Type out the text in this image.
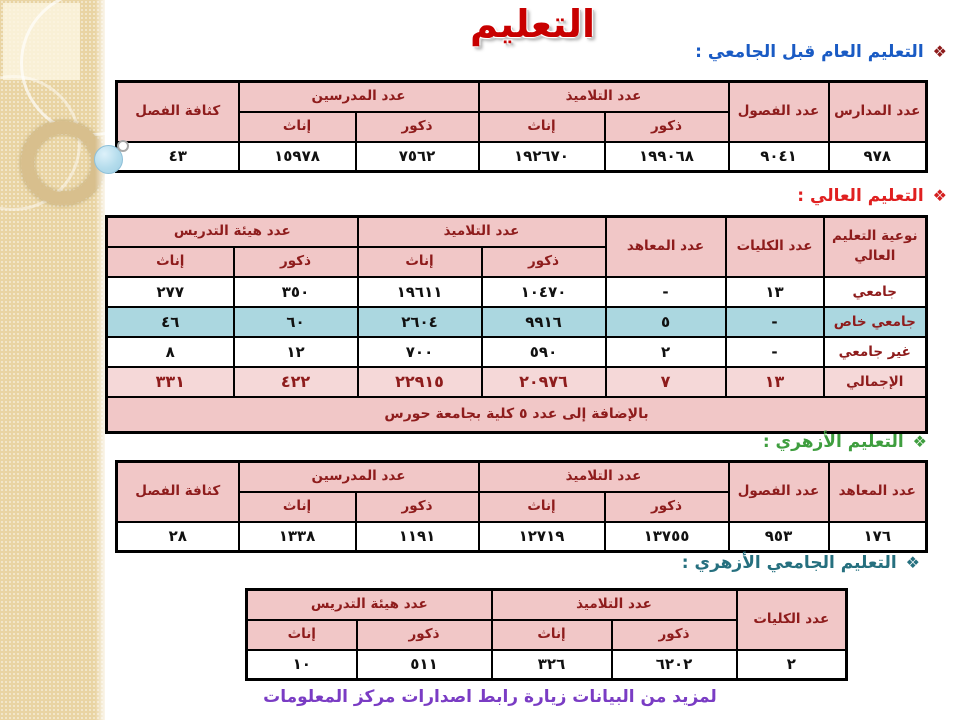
التعليم
❖التعليم العام قبل الجامعي :
عدد المدارس	عدد الفصول	عدد التلاميذ		عدد المدرسين		كثافة الفصل
		ذكور	إناث	ذكور	إناث	
٩٧٨	٩٠٤١	١٩٩٠٦٨	١٩٢٦٧٠	٧٥٦٢	١٥٩٧٨	٤٣
❖التعليم العالي :
نوعية التعليم العالي	عدد الكليات	عدد المعاهد	عدد التلاميذ		عدد هيئة التدريس	
			ذكور	إناث	ذكور	إناث
جامعي	١٣	-	١٠٤٧٠	١٩٦١١	٣٥٠	٢٧٧
جامعي خاص	-	٥	٩٩١٦	٢٦٠٤	٦٠	٤٦
غير جامعي	-	٢	٥٩٠	٧٠٠	١٢	٨
الإجمالي	١٣	٧	٢٠٩٧٦	٢٢٩١٥	٤٢٢	٣٣١
بالإضافة إلى عدد ٥ كلية بجامعة حورس						
❖التعليم الأزهري :
عدد المعاهد	عدد الفصول	عدد التلاميذ		عدد المدرسين		كثافة الفصل
		ذكور	إناث	ذكور	إناث	
١٧٦	٩٥٣	١٣٧٥٥	١٢٧١٩	١١٩١	١٣٣٨	٢٨
❖التعليم الجامعي الأزهري :
عدد الكليات	عدد التلاميذ		عدد هيئة التدريس	
	ذكور	إناث	ذكور	إناث
٢	٦٢٠٢	٣٢٦	٥١١	١٠
لمزيد من البيانات زيارة رابط اصدارات مركز المعلومات
